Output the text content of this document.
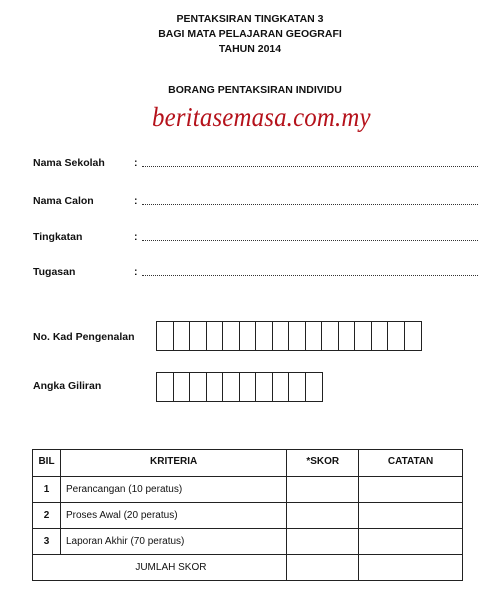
PENTAKSIRAN TINGKATAN 3
BAGI MATA PELAJARAN GEOGRAFI
TAHUN 2014
BORANG PENTAKSIRAN INDIVIDU
beritasemasa.com.my
Nama Sekolah	:
Nama Calon	:
Tingkatan	:
Tugasan	:
No. Kad Pengenalan
Angka Giliran
BIL	KRITERIA	*SKOR	CATATAN
1	Perancangan (10 peratus)		
2	Proses Awal (20 peratus)		
3	Laporan Akhir (70 peratus)		
	JUMLAH SKOR		
